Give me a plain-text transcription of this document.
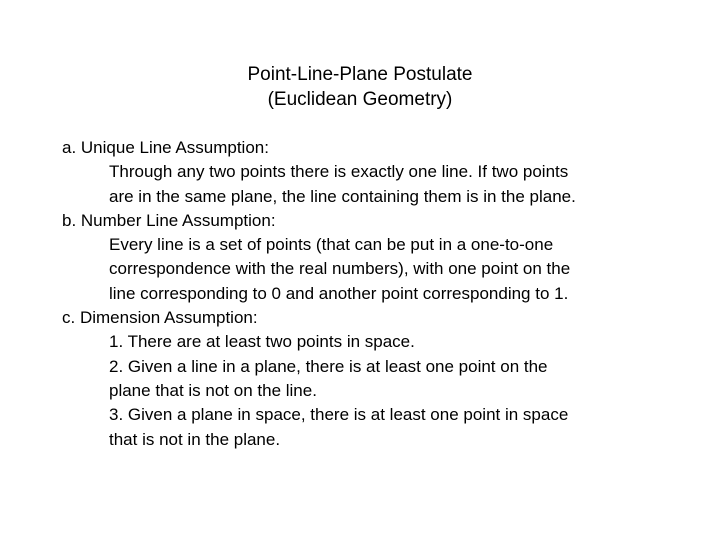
Point-Line-Plane Postulate
(Euclidean Geometry)
a. Unique Line Assumption:
Through any two points there is exactly one line. If two points
are in the same plane, the line containing them is in the plane.
b. Number Line Assumption:
Every line is a set of points (that can be put in a one-to-one
correspondence with the real numbers), with one point on the
line corresponding to 0 and another point corresponding to 1.
c. Dimension Assumption:
1. There are at least two points in space.
2. Given a line in a plane, there is at least one point on the
plane that is not on the line.
3. Given a plane in space, there is at least one point in space
that is not in the plane.
